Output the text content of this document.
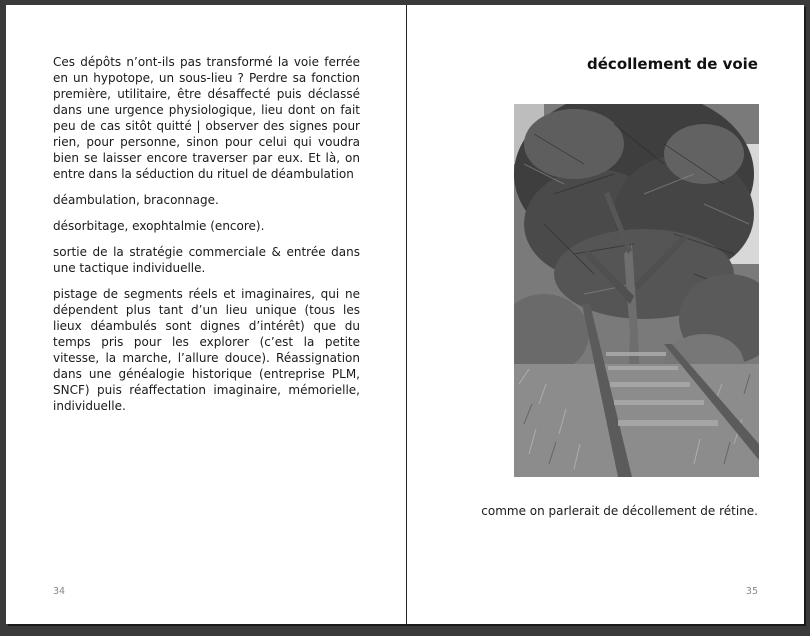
Ces dépôts n’ont-ils pas transformé la voie ferrée en un hypotope, un sous-lieu ? Perdre sa fonction première, utilitaire, être désaffecté puis déclassé dans une urgence physiologique, lieu dont on fait peu de cas sitôt quitté | observer des signes pour rien, pour personne, sinon pour celui qui voudra bien se laisser encore traverser par eux. Et là, on entre dans la séduction du rituel de déambulation

déambulation, braconnage.

désorbitage, exophtalmie (encore).

sortie de la stratégie commerciale & entrée dans une tactique individuelle.

pistage de segments réels et imaginaires, qui ne dépendent plus tant d’un lieu unique (tous les lieux déambulés sont dignes d’intérêt) que du temps pris pour les explorer (c’est la petite vitesse, la marche, l’allure douce). Réassignation dans une généalogie historique (entreprise PLM, SNCF) puis réaffectation imaginaire, mémorielle, individuelle.

34
décollement de voie
comme on parlerait de décollement de rétine.
35
